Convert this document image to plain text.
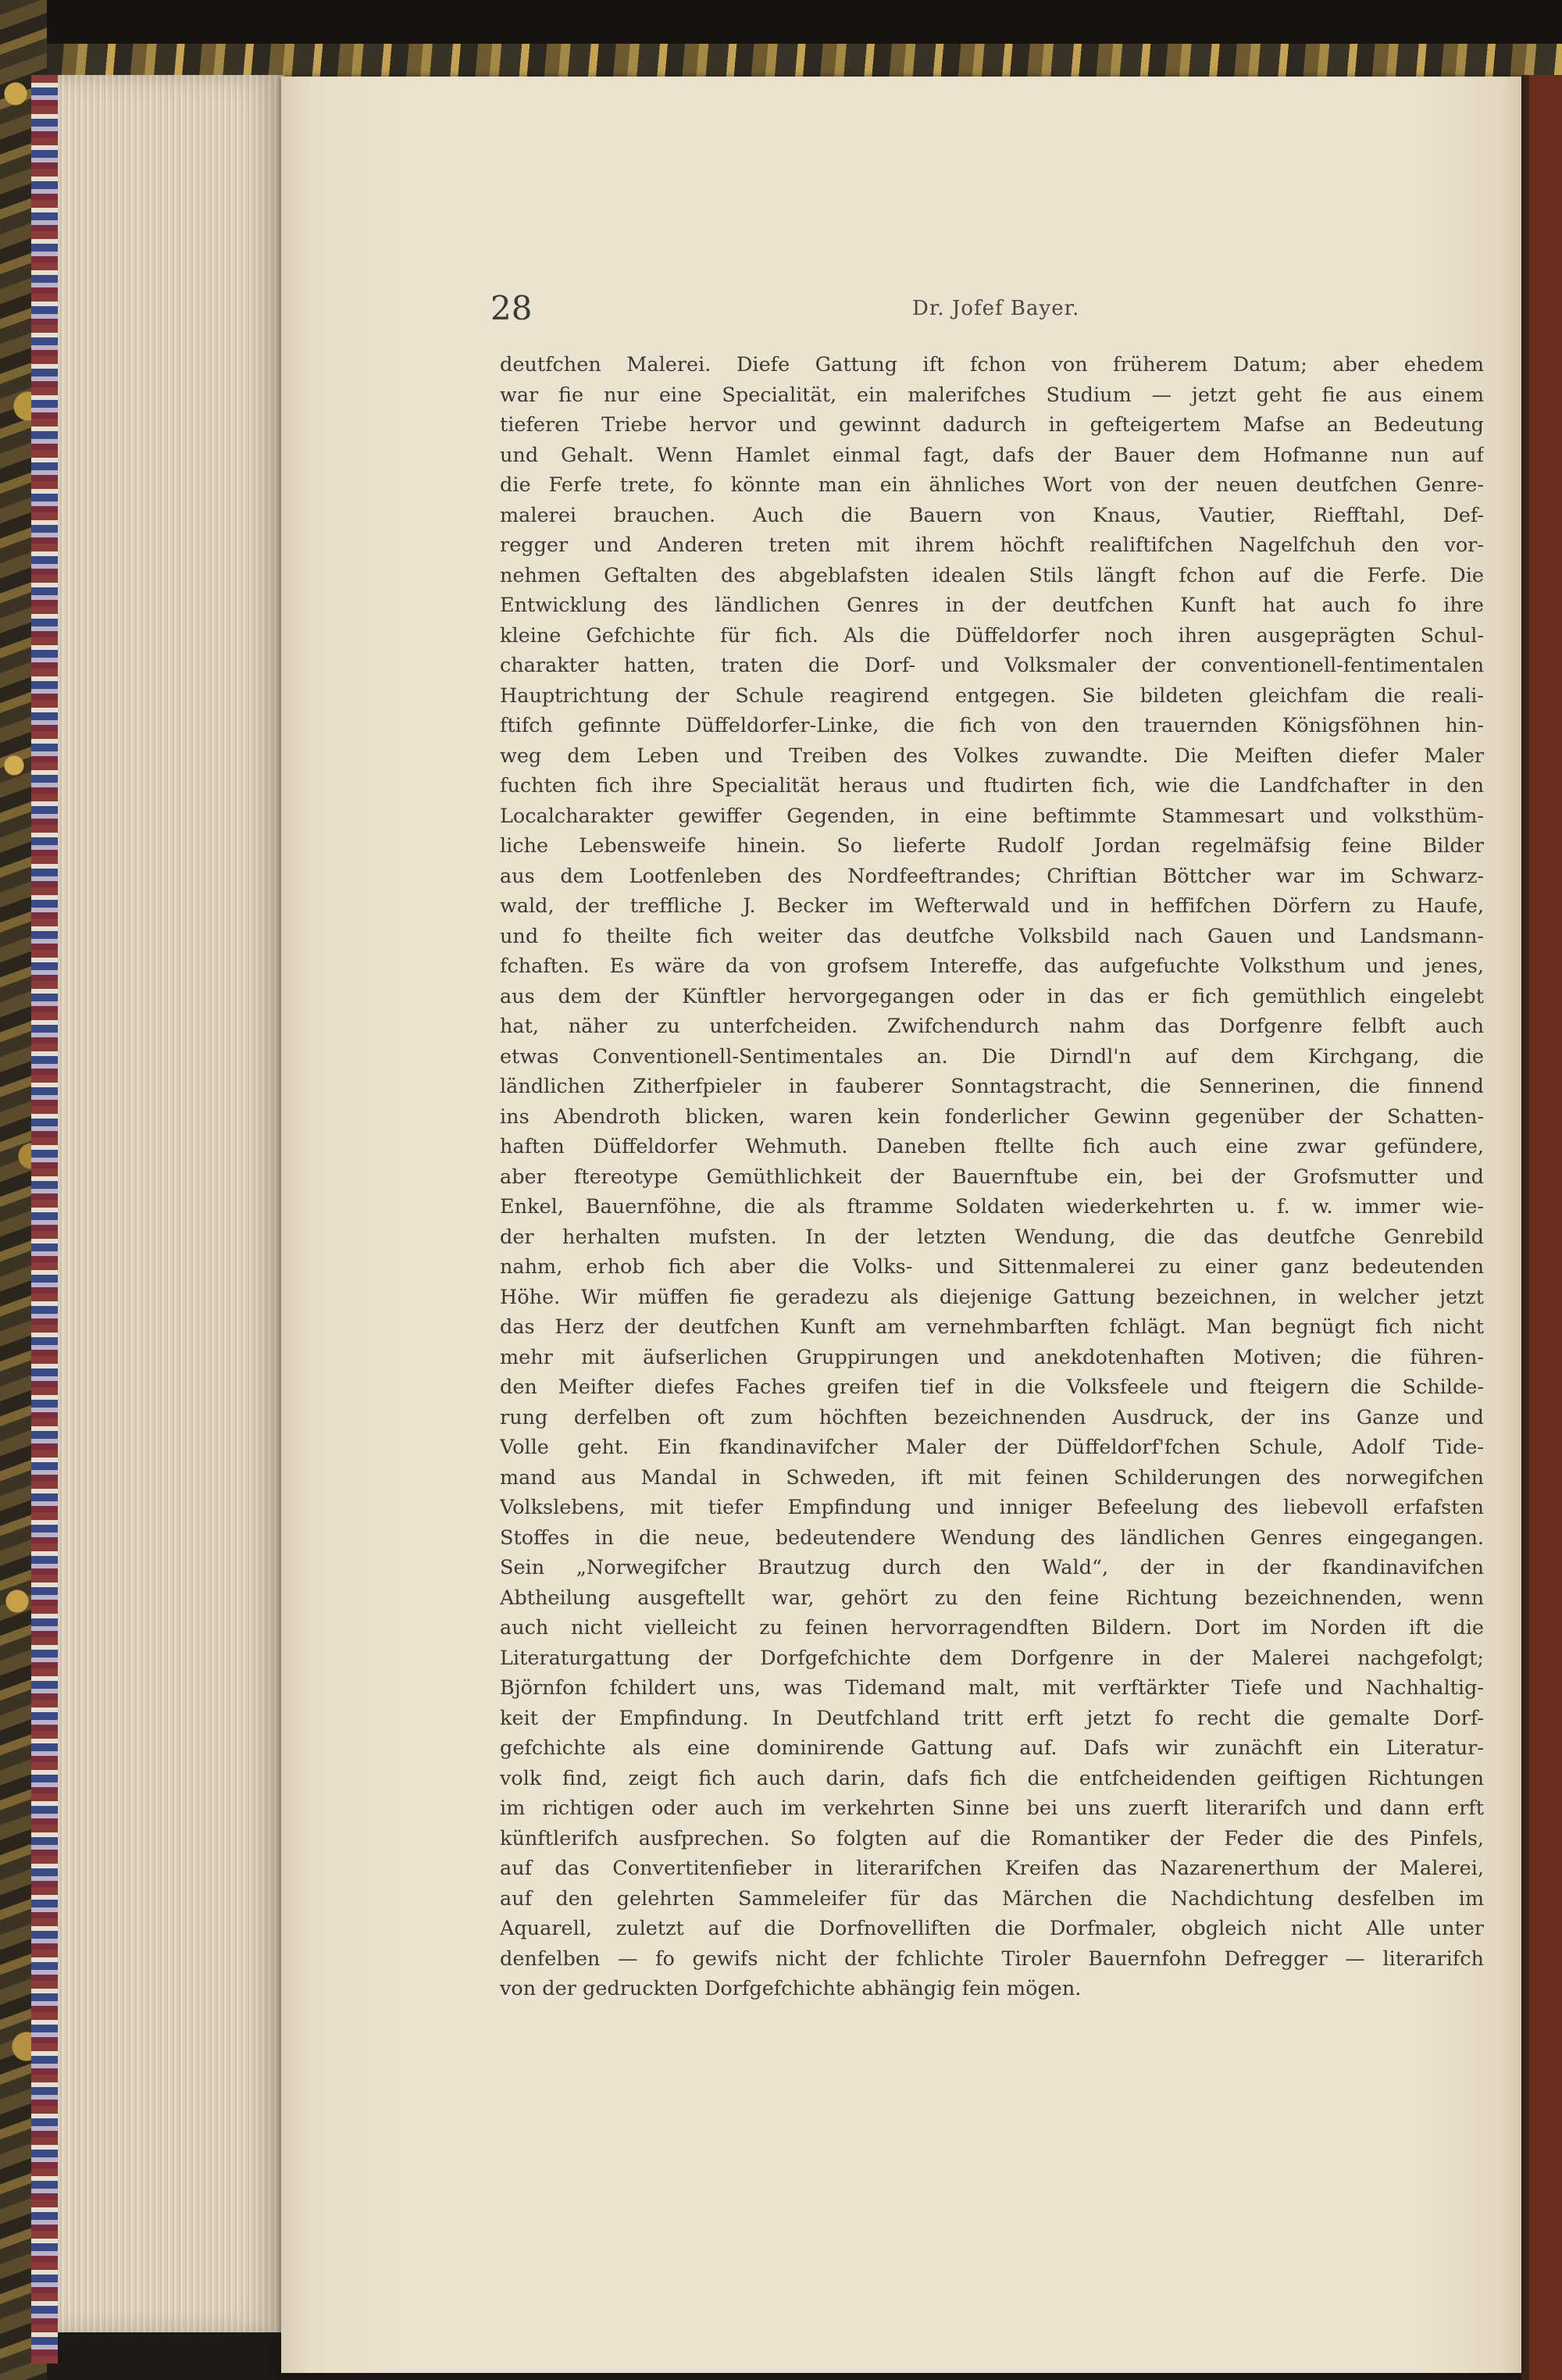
28	Dr. Jofef Bayer.
deutfchen Malerei. Diefe Gattung ift fchon von früherem Datum; aber ehedem
war fie nur eine Specialität, ein malerifches Studium — jetzt geht fie aus einem
tieferen Triebe hervor und gewinnt dadurch in gefteigertem Mafse an Bedeutung
und Gehalt. Wenn Hamlet einmal fagt, dafs der Bauer dem Hofmanne nun auf
die Ferfe trete, fo könnte man ein ähnliches Wort von der neuen deutfchen Genre-
malerei brauchen. Auch die Bauern von Knaus, Vautier, Riefftahl, Def-
regger und Anderen treten mit ihrem höchft realiftifchen Nagelfchuh den vor-
nehmen Geftalten des abgeblafsten idealen Stils längft fchon auf die Ferfe. Die
Entwicklung des ländlichen Genres in der deutfchen Kunft hat auch fo ihre
kleine Gefchichte für fich. Als die Düffeldorfer noch ihren ausgeprägten Schul-
charakter hatten, traten die Dorf- und Volksmaler der conventionell-fentimentalen
Hauptrichtung der Schule reagirend entgegen. Sie bildeten gleichfam die reali-
ftifch gefinnte Düffeldorfer-Linke, die fich von den trauernden Königsföhnen hin-
weg dem Leben und Treiben des Volkes zuwandte. Die Meiften diefer Maler
fuchten fich ihre Specialität heraus und ftudirten fich, wie die Landfchafter in den
Localcharakter gewiffer Gegenden, in eine beftimmte Stammesart und volksthüm-
liche Lebensweife hinein. So lieferte Rudolf Jordan regelmäfsig feine Bilder
aus dem Lootfenleben des Nordfeeftrandes; Chriftian Böttcher war im Schwarz-
wald, der treffliche J. Becker im Wefterwald und in heffifchen Dörfern zu Haufe,
und fo theilte fich weiter das deutfche Volksbild nach Gauen und Landsmann-
fchaften. Es wäre da von grofsem Intereffe, das aufgefuchte Volksthum und jenes,
aus dem der Künftler hervorgegangen oder in das er fich gemüthlich eingelebt
hat, näher zu unterfcheiden. Zwifchendurch nahm das Dorfgenre felbft auch
etwas Conventionell-Sentimentales an. Die Dirndl'n auf dem Kirchgang, die
ländlichen Zitherfpieler in fauberer Sonntagstracht, die Sennerinen, die finnend
ins Abendroth blicken, waren kein fonderlicher Gewinn gegenüber der Schatten-
haften Düffeldorfer Wehmuth. Daneben ftellte fich auch eine zwar gefündere,
aber ftereotype Gemüthlichkeit der Bauernftube ein, bei der Grofsmutter und
Enkel, Bauernföhne, die als ftramme Soldaten wiederkehrten u. f. w. immer wie-
der herhalten mufsten. In der letzten Wendung, die das deutfche Genrebild
nahm, erhob fich aber die Volks- und Sittenmalerei zu einer ganz bedeutenden
Höhe. Wir müffen fie geradezu als diejenige Gattung bezeichnen, in welcher jetzt
das Herz der deutfchen Kunft am vernehmbarften fchlägt. Man begnügt fich nicht
mehr mit äufserlichen Gruppirungen und anekdotenhaften Motiven; die führen-
den Meifter diefes Faches greifen tief in die Volksfeele und fteigern die Schilde-
rung derfelben oft zum höchften bezeichnenden Ausdruck, der ins Ganze und
Volle geht. Ein fkandinavifcher Maler der Düffeldorf'fchen Schule, Adolf Tide-
mand aus Mandal in Schweden, ift mit feinen Schilderungen des norwegifchen
Volkslebens, mit tiefer Empfindung und inniger Befeelung des liebevoll erfafsten
Stoffes in die neue, bedeutendere Wendung des ländlichen Genres eingegangen.
Sein „Norwegifcher Brautzug durch den Wald“, der in der fkandinavifchen
Abtheilung ausgeftellt war, gehört zu den feine Richtung bezeichnenden, wenn
auch nicht vielleicht zu feinen hervorragendften Bildern. Dort im Norden ift die
Literaturgattung der Dorfgefchichte dem Dorfgenre in der Malerei nachgefolgt;
Björnfon fchildert uns, was Tidemand malt, mit verftärkter Tiefe und Nachhaltig-
keit der Empfindung. In Deutfchland tritt erft jetzt fo recht die gemalte Dorf-
gefchichte als eine dominirende Gattung auf. Dafs wir zunächft ein Literatur-
volk find, zeigt fich auch darin, dafs fich die entfcheidenden geiftigen Richtungen
im richtigen oder auch im verkehrten Sinne bei uns zuerft literarifch und dann erft
künftlerifch ausfprechen. So folgten auf die Romantiker der Feder die des Pinfels,
auf das Convertitenfieber in literarifchen Kreifen das Nazarenerthum der Malerei,
auf den gelehrten Sammeleifer für das Märchen die Nachdichtung desfelben im
Aquarell, zuletzt auf die Dorfnovelliften die Dorfmaler, obgleich nicht Alle unter
denfelben — fo gewifs nicht der fchlichte Tiroler Bauernfohn Defregger — literarifch
von der gedruckten Dorfgefchichte abhängig fein mögen.
